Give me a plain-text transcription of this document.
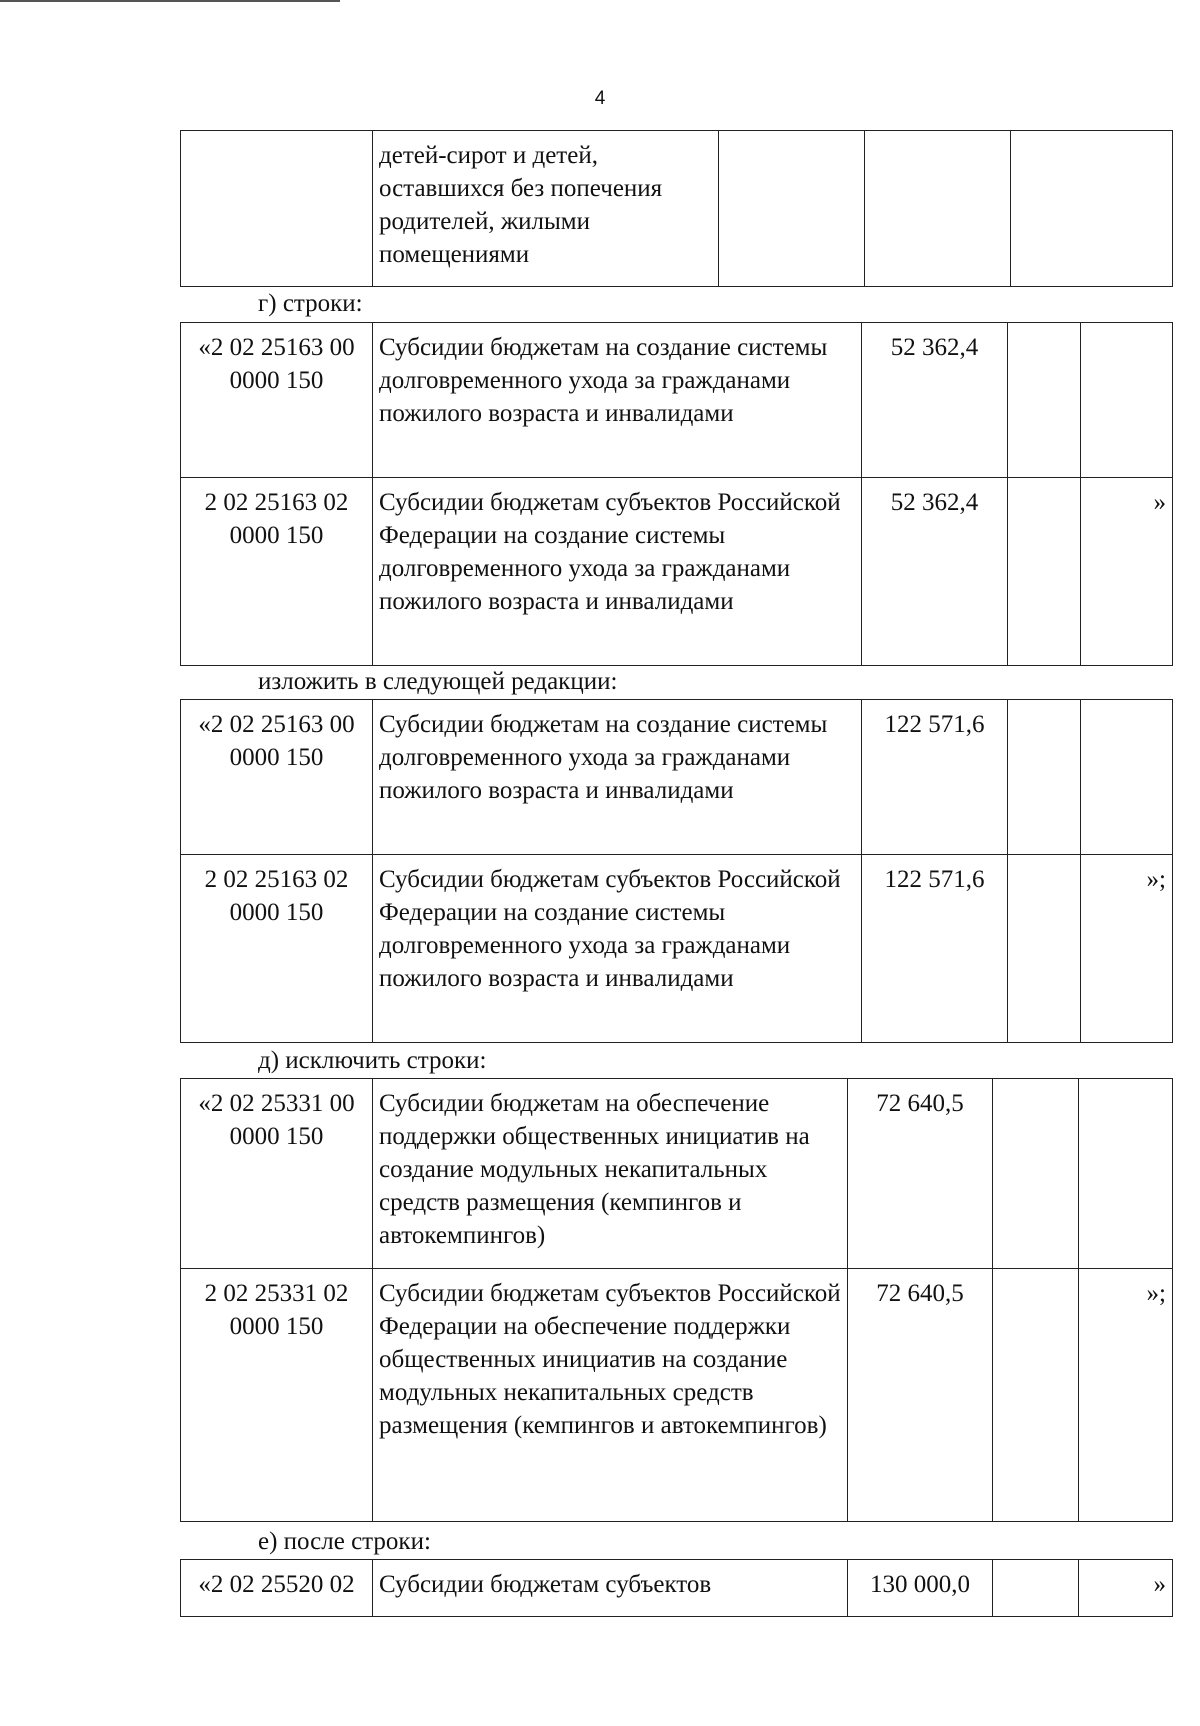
4
	детей-сирот и детей, оставшихся без попечения родителей, жилыми помещениями			
г) строки:
«2 02 25163 00 0000 150	Субсидии бюджетам на создание системы долговременного ухода за гражданами пожилого возраста и инвалидами	52 362,4		
2 02 25163 02 0000 150	Субсидии бюджетам субъектов Российской Федерации на создание системы долговременного ухода за гражданами пожилого возраста и инвалидами	52 362,4		»
изложить в следующей редакции:
«2 02 25163 00 0000 150	Субсидии бюджетам на создание системы долговременного ухода за гражданами пожилого возраста и инвалидами	122 571,6		
2 02 25163 02 0000 150	Субсидии бюджетам субъектов Российской Федерации на создание системы долговременного ухода за гражданами пожилого возраста и инвалидами	122 571,6		»;
д) исключить строки:
«2 02 25331 00 0000 150	Субсидии бюджетам на обеспечение поддержки общественных инициатив на создание модульных некапитальных средств размещения (кемпингов и автокемпингов)	72 640,5		
2 02 25331 02 0000 150	Субсидии бюджетам субъектов Российской Федерации на обеспечение поддержки общественных инициатив на создание модульных некапитальных средств размещения (кемпингов и автокемпингов)	72 640,5		»;
е) после строки:
«2 02 25520 02	Субсидии бюджетам субъектов	130 000,0		»
